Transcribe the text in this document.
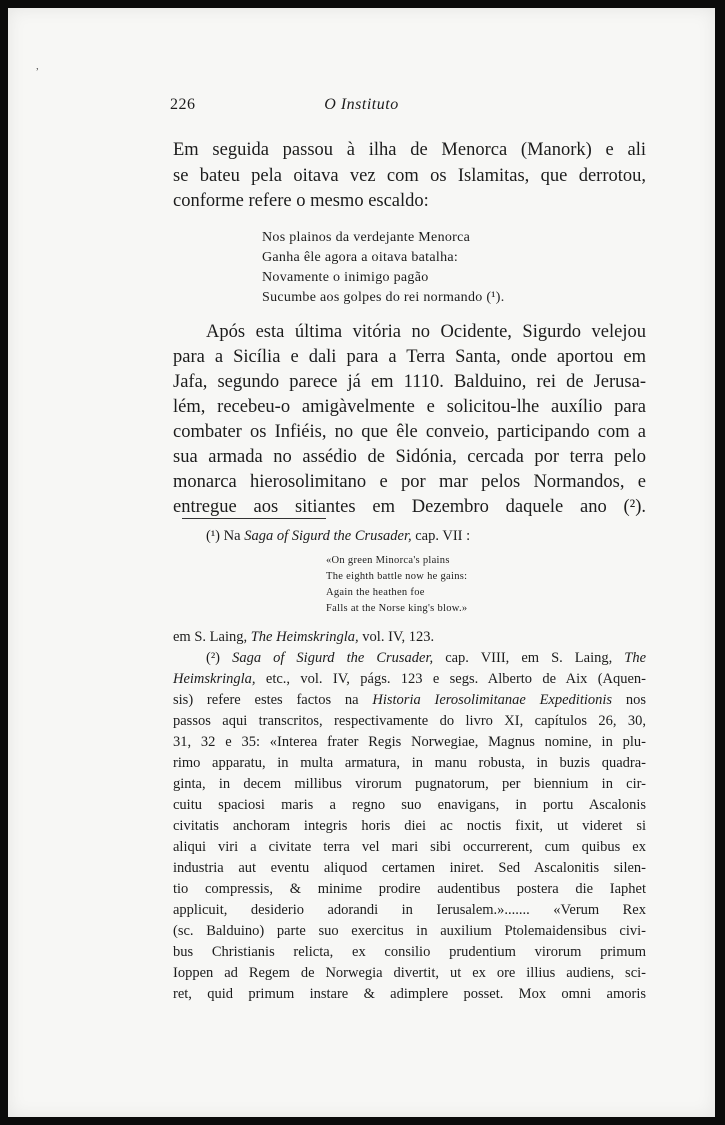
,
226	O Instituto
Em seguida passou à ilha de Menorca (Manork) e ali
se bateu pela oitava vez com os Islamitas, que derrotou,
conforme refere o mesmo escaldo:
Nos plainos da verdejante Menorca
Ganha êle agora a oitava batalha:
Novamente o inimigo pagão
Sucumbe aos golpes do rei normando (¹).
Após esta última vitória no Ocidente, Sigurdo velejou
para a Sicília e dali para a Terra Santa, onde aportou em
Jafa, segundo parece já em 1110. Balduino, rei de Jerusa-
lém, recebeu-o amigàvelmente e solicitou-lhe auxílio para
combater os Infiéis, no que êle conveio, participando com a
sua armada no assédio de Sidónia, cercada por terra pelo
monarca hierosolimitano e por mar pelos Normandos, e
entregue aos sitiantes em Dezembro daquele ano (²).
(¹) Na Saga of Sigurd the Crusader, cap. VII :
«On green Minorca's plains
The eighth battle now he gains:
Again the heathen foe
Falls at the Norse king's blow.»
em S. Laing, The Heimskringla, vol. IV, 123.
(²) Saga of Sigurd the Crusader, cap. VIII, em S. Laing, The
Heimskringla, etc., vol. IV, págs. 123 e segs. Alberto de Aix (Aquen-
sis) refere estes factos na Historia Ierosolimitanae Expeditionis nos
passos aqui transcritos, respectivamente do livro XI, capítulos 26, 30,
31, 32 e 35: «Interea frater Regis Norwegiae, Magnus nomine, in plu-
rimo apparatu, in multa armatura, in manu robusta, in buzis quadra-
ginta, in decem millibus virorum pugnatorum, per biennium in cir-
cuitu spaciosi maris a regno suo enavigans, in portu Ascalonis
civitatis anchoram integris horis diei ac noctis fixit, ut videret si
aliqui viri a civitate terra vel mari sibi occurrerent, cum quibus ex
industria aut eventu aliquod certamen iniret. Sed Ascalonitis silen-
tio compressis, & minime prodire audentibus postera die Iaphet
applicuit, desiderio adorandi in Ierusalem.»....... «Verum Rex
(sc. Balduino) parte suo exercitus in auxilium Ptolemaidensibus civi-
bus Christianis relicta, ex consilio prudentium virorum primum
Ioppen ad Regem de Norwegia divertit, ut ex ore illius audiens, sci-
ret, quid primum instare & adimplere posset. Mox omni amoris
